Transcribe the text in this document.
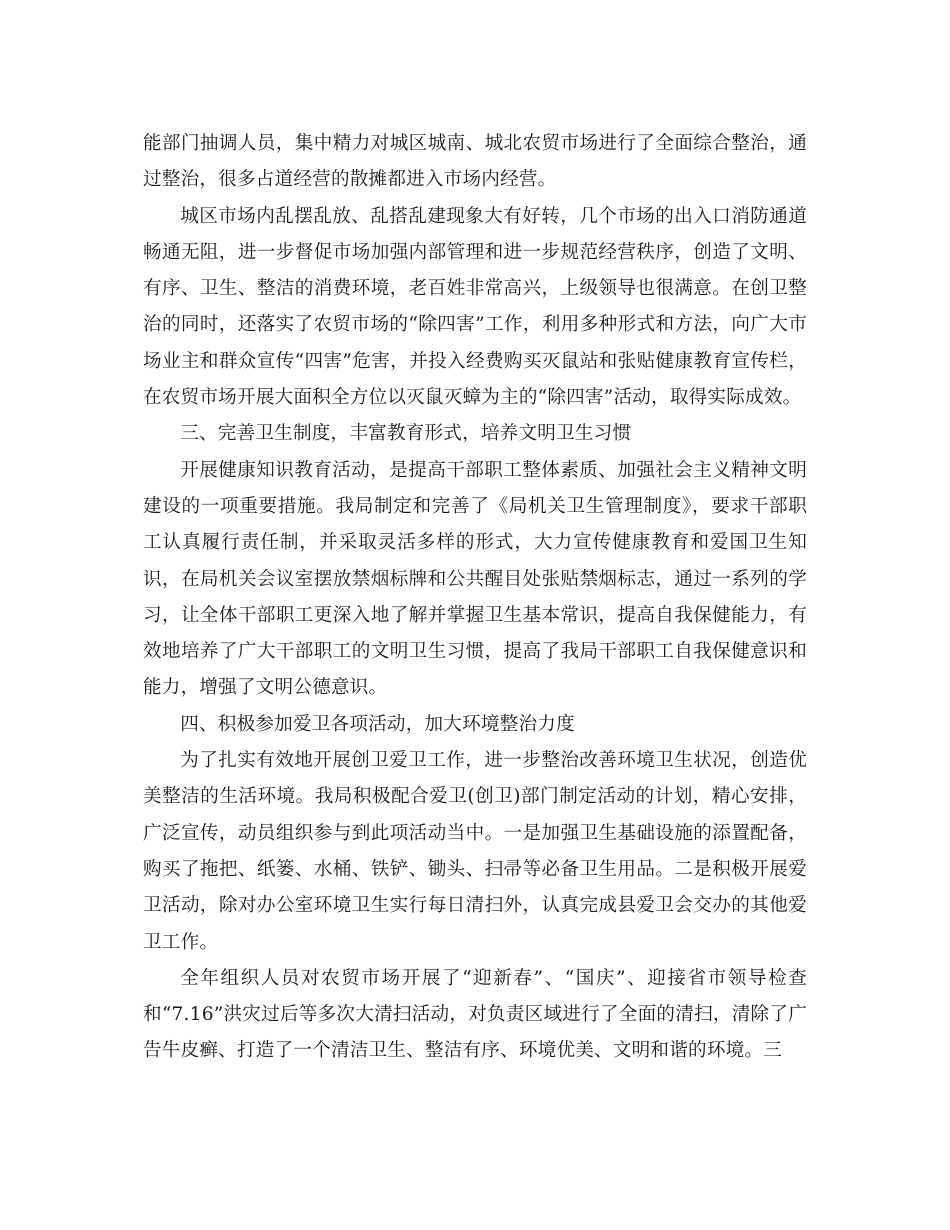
能部门抽调人员，集中精力对城区城南、城北农贸市场进行了全面综合整治，通过整治，很多占道经营的散摊都进入市场内经营。

城区市场内乱摆乱放、乱搭乱建现象大有好转，几个市场的出入口消防通道畅通无阻，进一步督促市场加强内部管理和进一步规范经营秩序，创造了文明、有序、卫生、整洁的消费环境，老百姓非常高兴，上级领导也很满意。在创卫整治的同时，还落实了农贸市场的“除四害”工作，利用多种形式和方法，向广大市场业主和群众宣传“四害”危害，并投入经费购买灭鼠站和张贴健康教育宣传栏，在农贸市场开展大面积全方位以灭鼠灭蟑为主的“除四害”活动，取得实际成效。

三、完善卫生制度，丰富教育形式，培养文明卫生习惯

开展健康知识教育活动，是提高干部职工整体素质、加强社会主义精神文明建设的一项重要措施。我局制定和完善了《局机关卫生管理制度》，要求干部职工认真履行责任制，并采取灵活多样的形式，大力宣传健康教育和爱国卫生知识，在局机关会议室摆放禁烟标牌和公共醒目处张贴禁烟标志，通过一系列的学习，让全体干部职工更深入地了解并掌握卫生基本常识，提高自我保健能力，有效地培养了广大干部职工的文明卫生习惯，提高了我局干部职工自我保健意识和能力，增强了文明公德意识。

四、积极参加爱卫各项活动，加大环境整治力度

为了扎实有效地开展创卫爱卫工作，进一步整治改善环境卫生状况，创造优美整洁的生活环境。我局积极配合爱卫(创卫)部门制定活动的计划，精心安排，广泛宣传，动员组织参与到此项活动当中。一是加强卫生基础设施的添置配备，购买了拖把、纸篓、水桶、铁铲、锄头、扫帚等必备卫生用品。二是积极开展爱卫活动，除对办公室环境卫生实行每日清扫外，认真完成县爱卫会交办的其他爱卫工作。

全年组织人员对农贸市场开展了“迎新春”、“国庆”、迎接省市领导检查和“7.16”洪灾过后等多次大清扫活动，对负责区域进行了全面的清扫，清除了广告牛皮癣、打造了一个清洁卫生、整洁有序、环境优美、文明和谐的环境。三
